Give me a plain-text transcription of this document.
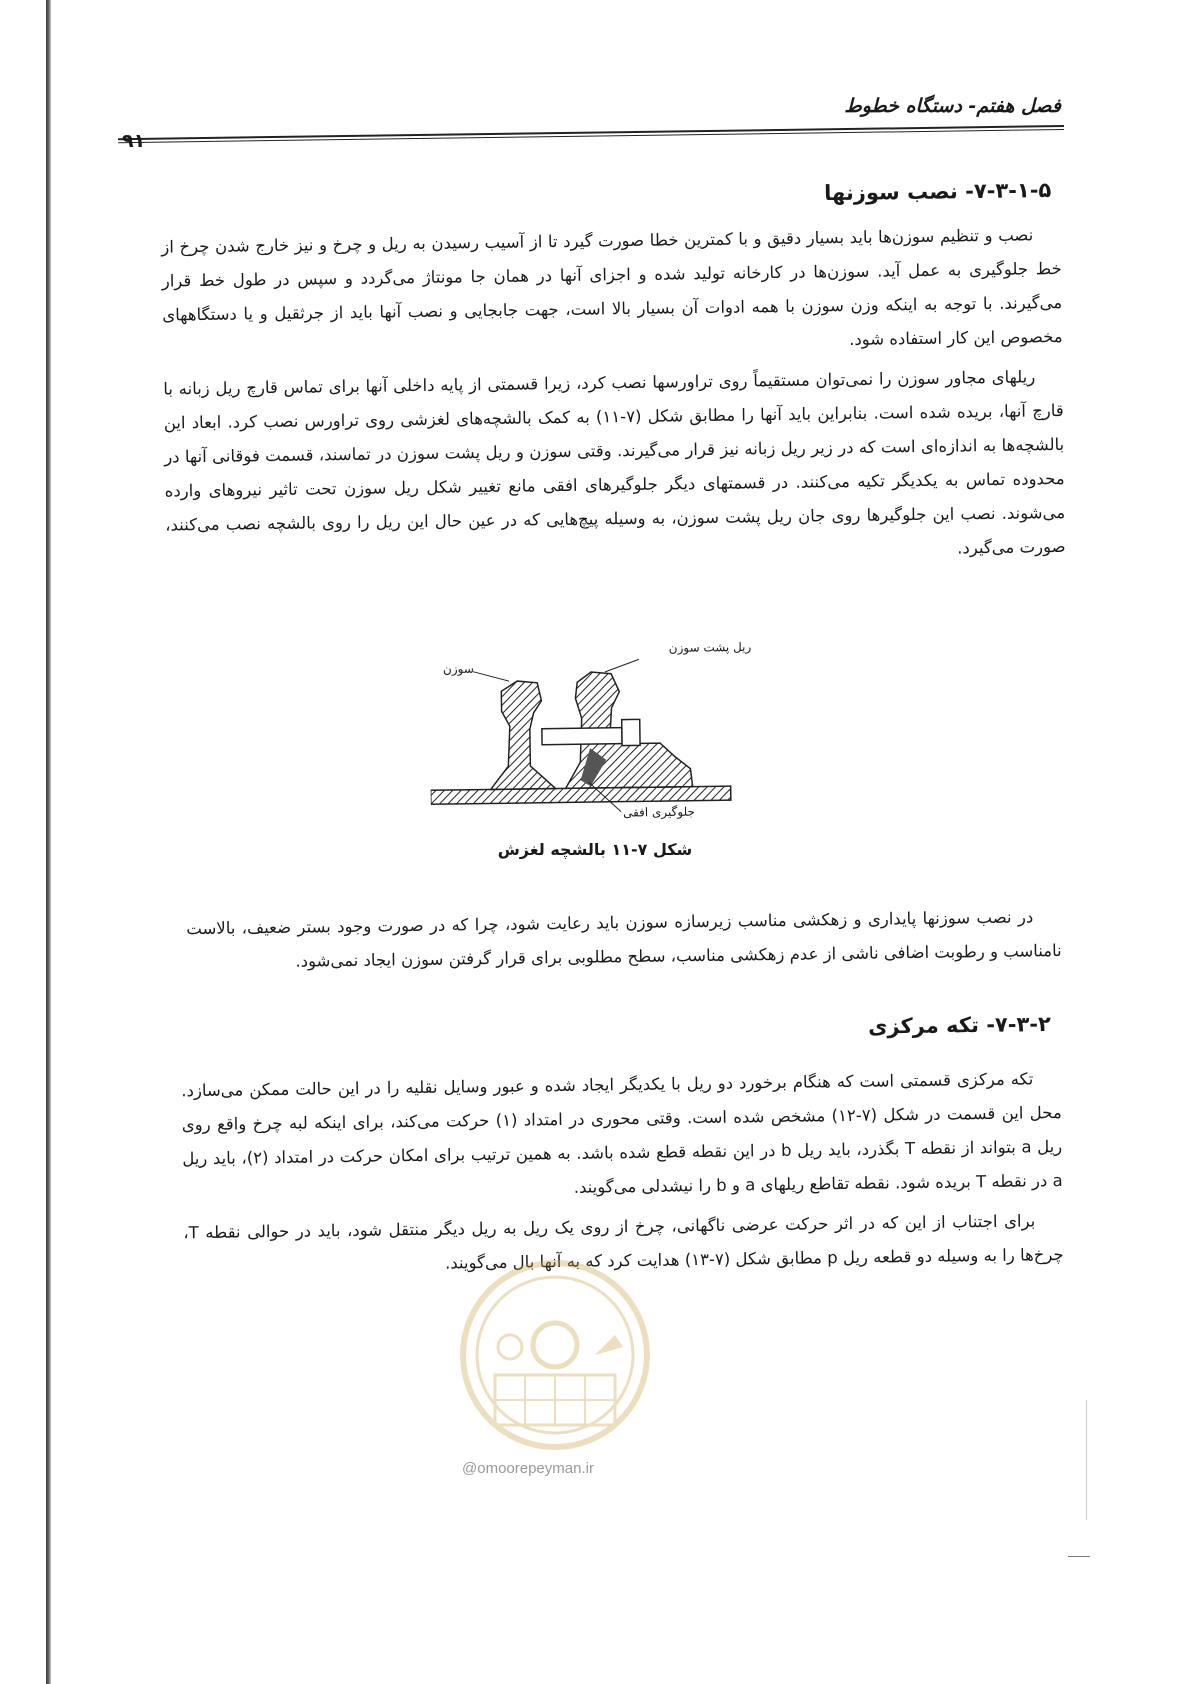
فصل هفتم- دستگاه خطوط
۹۱
۷-۳-۱-۵- نصب سوزنها

نصب و تنظیم سوزن‌ها باید بسیار دقیق و با کمترین خطا صورت گیرد تا از آسیب رسیدن به ریل و چرخ و نیز خارج شدن چرخ از خط جلوگیری به عمل آید. سوزن‌ها در کارخانه تولید شده و اجزای آنها در همان جا مونتاژ می‌گردد و سپس در طول خط قرار می‌گیرند. با توجه به اینکه وزن سوزن با همه ادوات آن بسیار بالا است، جهت جابجایی و نصب آنها باید از جرثقیل و یا دستگاههای مخصوص این کار استفاده شود.

ریلهای مجاور سوزن را نمی‌توان مستقیماً روی تراورسها نصب کرد، زیرا قسمتی از پایه داخلی آنها برای تماس قارچ ریل زبانه با قارچ آنها، بریده شده است. بنابراین باید آنها را مطابق شکل (۷-۱۱) به کمک بالشچه‌های لغزشی روی تراورس نصب کرد. ابعاد این بالشچه‌ها به اندازه‌ای است که در زیر ریل زبانه نیز قرار می‌گیرند. وقتی سوزن و ریل پشت سوزن در تماسند، قسمت فوقانی آنها در محدوده تماس به یکدیگر تکیه می‌کنند. در قسمتهای دیگر جلوگیرهای افقی مانع تغییر شکل ریل سوزن تحت تاثیر نیروهای وارده می‌شوند. نصب این جلوگیرها روی جان ریل پشت سوزن، به وسیله پیچ‌هایی که در عین حال این ریل را روی بالشچه نصب می‌کنند، صورت می‌گیرد.

ریل پشت سوزن
سوزن
جلوگیری افقی
شکل ۷-۱۱ بالشچه لغزش

در نصب سوزنها پایداری و زهکشی مناسب زیرسازه سوزن باید رعایت شود، چرا که در صورت وجود بستر ضعیف، بالاست نامناسب و رطوبت اضافی ناشی از عدم زهکشی مناسب، سطح مطلوبی برای قرار گرفتن سوزن ایجاد نمی‌شود.

۷-۳-۲- تکه مرکزی

تکه مرکزی قسمتی است که هنگام برخورد دو ریل با یکدیگر ایجاد شده و عبور وسایل نقلیه را در این حالت ممکن می‌سازد. محل این قسمت در شکل (۷-۱۲) مشخص شده است. وقتی محوری در امتداد (۱) حرکت می‌کند، برای اینکه لبه چرخ واقع روی ریل a بتواند از نقطه T بگذرد، باید ریل b در این نقطه قطع شده باشد. به همین ترتیب برای امکان حرکت در امتداد (۲)، باید ریل a در نقطه T بریده شود. نقطه تقاطع ریلهای a و b را نیشدلی می‌گویند.

برای اجتناب از این که در اثر حرکت عرضی ناگهانی، چرخ از روی یک ریل به ریل دیگر منتقل شود، باید در حوالی نقطه T، چرخ‌ها را به وسیله دو قطعه ریل p مطابق شکل (۷-۱۳) هدایت کرد که به آنها بال می‌گویند.

@omoorepeyman.ir
